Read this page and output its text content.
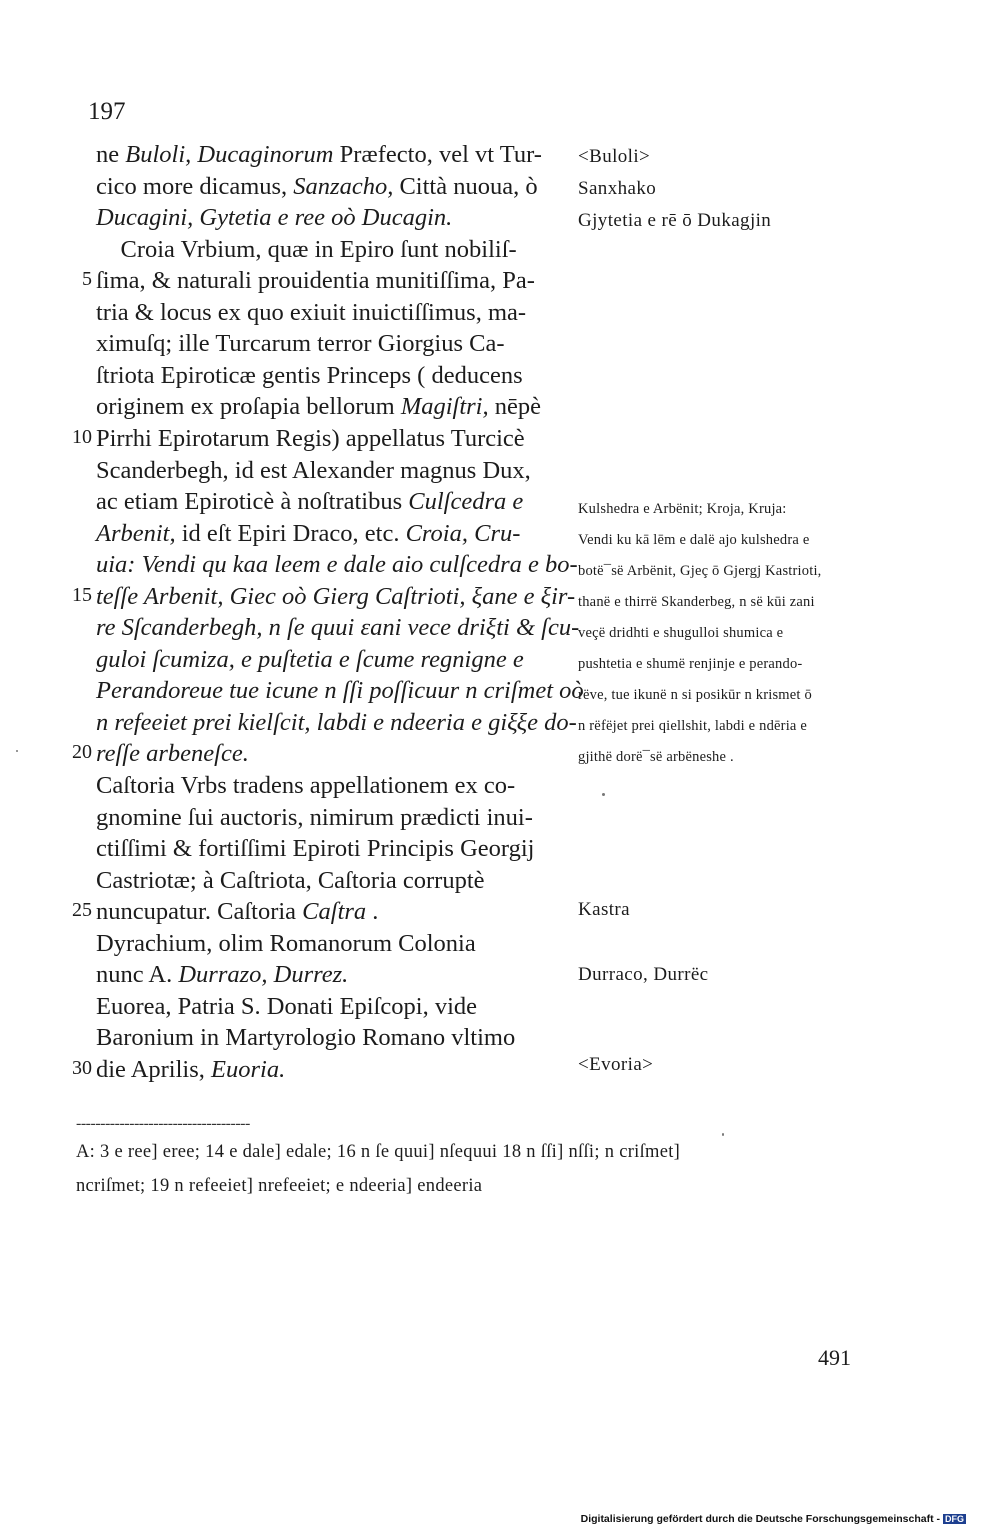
197
ne Buloli, Ducaginorum Præfecto, vel vt Tur-
cico more dicamus, Sanzacho, Città nuoua, ò
Ducagini, Gytetia e ree oò Ducagin.
 Croia Vrbium, quæ in Epiro ſunt nobiliſ-
5 ſima, & naturali prouidentia munitiſſima, Pa-
tria & locus ex quo exiuit inuictiſſimus, ma-
ximuſq; ille Turcarum terror Giorgius Ca-
ſtriota Epiroticæ gentis Princeps ( deducens
originem ex proſapia bellorum Magiſtri, nēpè
10 Pirrhi Epirotarum Regis) appellatus Turcicè
Scanderbegh, id est Alexander magnus Dux,
ac etiam Epiroticè à noſtratibus Culſcedra e
Arbenit, id eſt Epiri Draco, etc. Croia, Cru-
uia: Vendi qu kaa leem e dale aio culſcedra e bo-
15 teſſe Arbenit, Giec oò Gierg Caſtrioti, ξane e ξir-
re Sſcanderbegh, n ſe quui εani vece driξti & ſcu-
guloi ſcumiza, e puſtetia e ſcume regnigne e
Perandoreue tue icune n ſſi poſſicuur n criſmet oò
n refeeiet prei kielſcit, labdi e ndeeria e giξξe do-
20 reſſe arbeneſce.
Caſtoria Vrbs tradens appellationem ex co-
gnomine ſui auctoris, nimirum prædicti inui-
ctiſſimi & fortiſſimi Epiroti Principis Georgij
Castriotæ; à Caſtriota, Caſtoria corruptè
25 nuncupatur. Caſtoria Caſtra .
Dyrachium, olim Romanorum Colonia
nunc A. Durrazo, Durrez.
Euorea, Patria S. Donati Epiſcopi, vide
Baronium in Martyrologio Romano vltimo
30 die Aprilis, Euoria.
<Buloli>
Sanxhako
Gjytetia e rē ō Dukagjin
Kulshedra e Arbënit; Kroja, Kruja:
Vendi ku kā lēm e dalë ajo kulshedra e
botë¯së Arbënit, Gjeç ō Gjergj Kastrioti,
thanë e thirrë Skanderbeg, n së kūi zani
veçë dridhti e shugulloi shumica e
pushtetia e shumë renjinje e perando-
rëve, tue ikunë n si posikūr n krismet ō
n rëfëjet prei qiellshit, labdi e ndēria e
gjithë dorë¯së arbëneshe .
Kastra
Durraco, Durrëc
<Evoria>
------------------------------------
A: 3 e ree] eree; 14 e dale] edale; 16 n ſe quui] nſequui 18 n ſſi] nſſi; n criſmet]
ncriſmet; 19 n refeeiet] nrefeeiet; e ndeeria] endeeria
491
Digitalisierung gefördert durch die Deutsche Forschungsgemeinschaft - DFG
